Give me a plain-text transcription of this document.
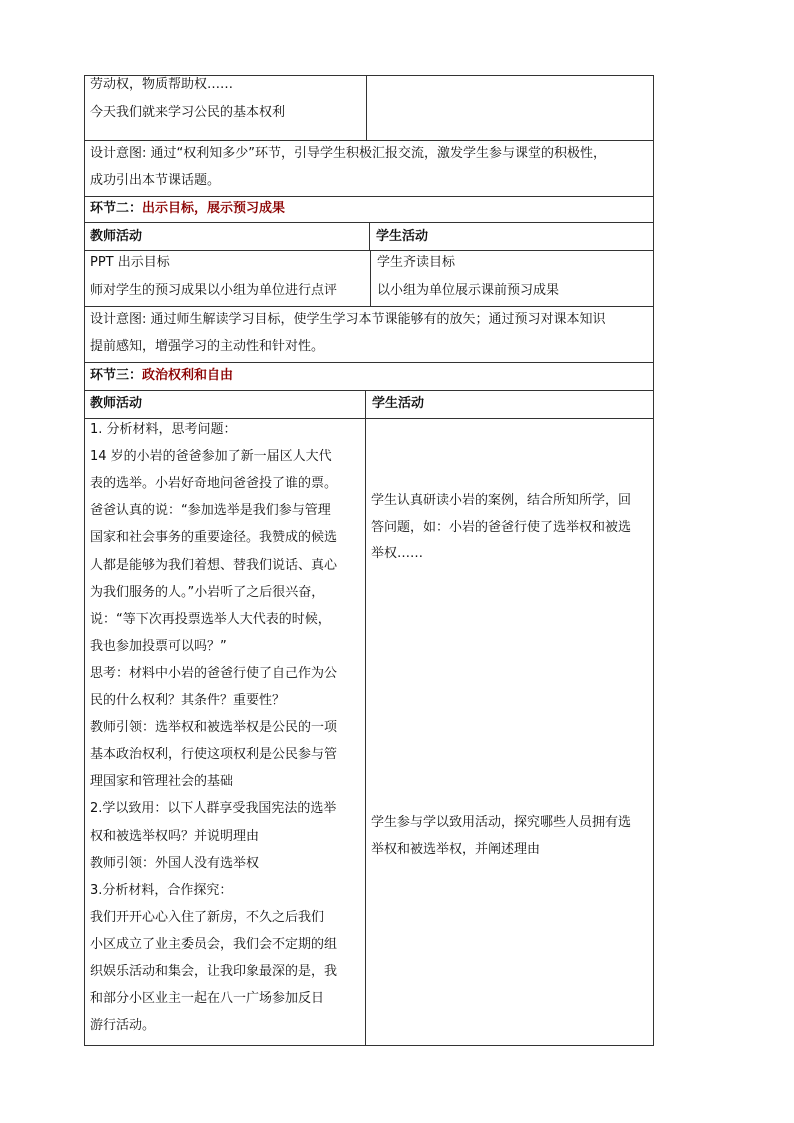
劳动权，物质帮助权……
今天我们就来学习公民的基本权利
设计意图: 通过“权利知多少”环节，引导学生积极汇报交流，激发学生参与课堂的积极性，
成功引出本节课话题。
环节二：出示目标，展示预习成果
教师活动	学生活动
PPT 出示目标
师对学生的预习成果以小组为单位进行点评
学生齐读目标
以小组为单位展示课前预习成果
设计意图: 通过师生解读学习目标，使学生学习本节课能够有的放矢；通过预习对课本知识
提前感知，增强学习的主动性和针对性。
环节三：政治权利和自由
教师活动	学生活动
1. 分析材料，思考问题：
14 岁的小岩的爸爸参加了新一届区人大代
表的选举。小岩好奇地问爸爸投了谁的票。
爸爸认真的说：“参加选举是我们参与管理
国家和社会事务的重要途径。我赞成的候选
人都是能够为我们着想、替我们说话、真心
为我们服务的人。”小岩听了之后很兴奋，
说：“等下次再投票选举人大代表的时候，
我也参加投票可以吗？”
思考：材料中小岩的爸爸行使了自己作为公
民的什么权利？其条件？重要性？
教师引领：选举权和被选举权是公民的一项
基本政治权利，行使这项权利是公民参与管
理国家和管理社会的基础
2.学以致用：以下人群享受我国宪法的选举
权和被选举权吗？并说明理由
教师引领：外国人没有选举权
3.分析材料，合作探究：
我们开开心心入住了新房，不久之后我们
小区成立了业主委员会，我们会不定期的组
织娱乐活动和集会，让我印象最深的是，我
和部分小区业主一起在八一广场参加反日
游行活动。
学生认真研读小岩的案例，结合所知所学，回
答问题，如：小岩的爸爸行使了选举权和被选
举权……
学生参与学以致用活动，探究哪些人员拥有选
举权和被选举权，并阐述理由
